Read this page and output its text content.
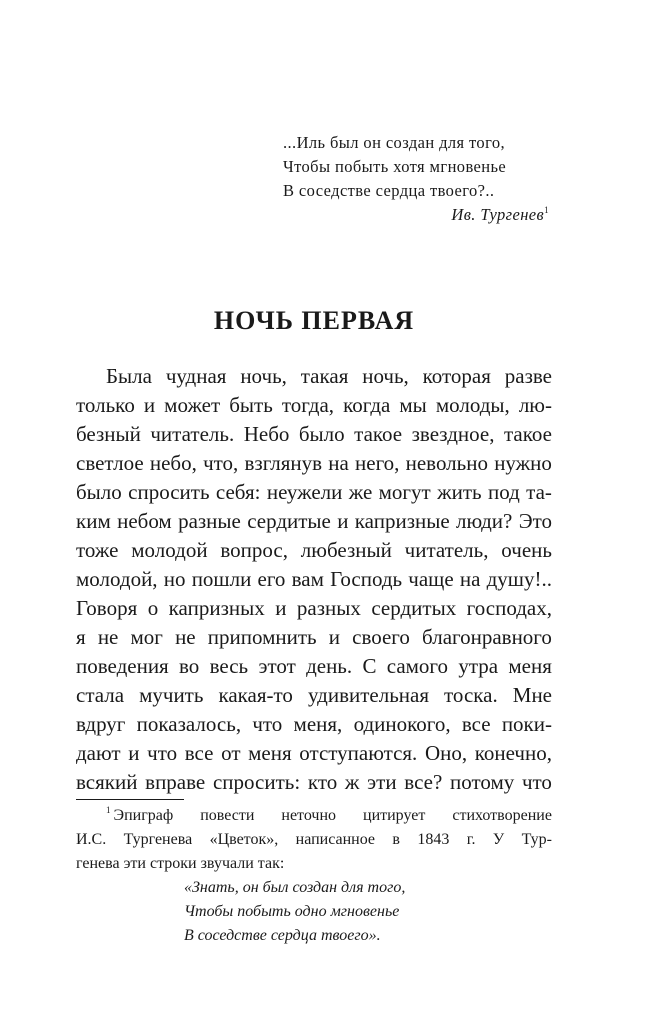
...Иль был он создан для того,
Чтобы побыть хотя мгновенье
В соседстве сердца твоего?..
Ив. Тургенев$^1$
НОЧЬ ПЕРВАЯ
Была чудная ночь, такая ночь, которая разве
только и может быть тогда, когда мы молоды, лю-
безный читатель. Небо было такое звездное, такое
светлое небо, что, взглянув на него, невольно нужно
было спросить себя: неужели же могут жить под та-
ким небом разные сердитые и капризные люди? Это
тоже молодой вопрос, любезный читатель, очень
молодой, но пошли его вам Господь чаще на душу!..
Говоря о капризных и разных сердитых господах,
я не мог не припомнить и своего благонравного
поведения во весь этот день. С самого утра меня
стала мучить какая-то удивительная тоска. Мне
вдруг показалось, что меня, одинокого, все поки-
дают и что все от меня отступаются. Оно, конечно,
всякий вправе спросить: кто ж эти все? потому что
$^1$ Эпиграф повести неточно цитирует стихотворение
И.С. Тургенева «Цветок», написанное в 1843 г. У Тур-
генева эти строки звучали так:
«Знать, он был создан для того,
Чтобы побыть одно мгновенье
В соседстве сердца твоего».
